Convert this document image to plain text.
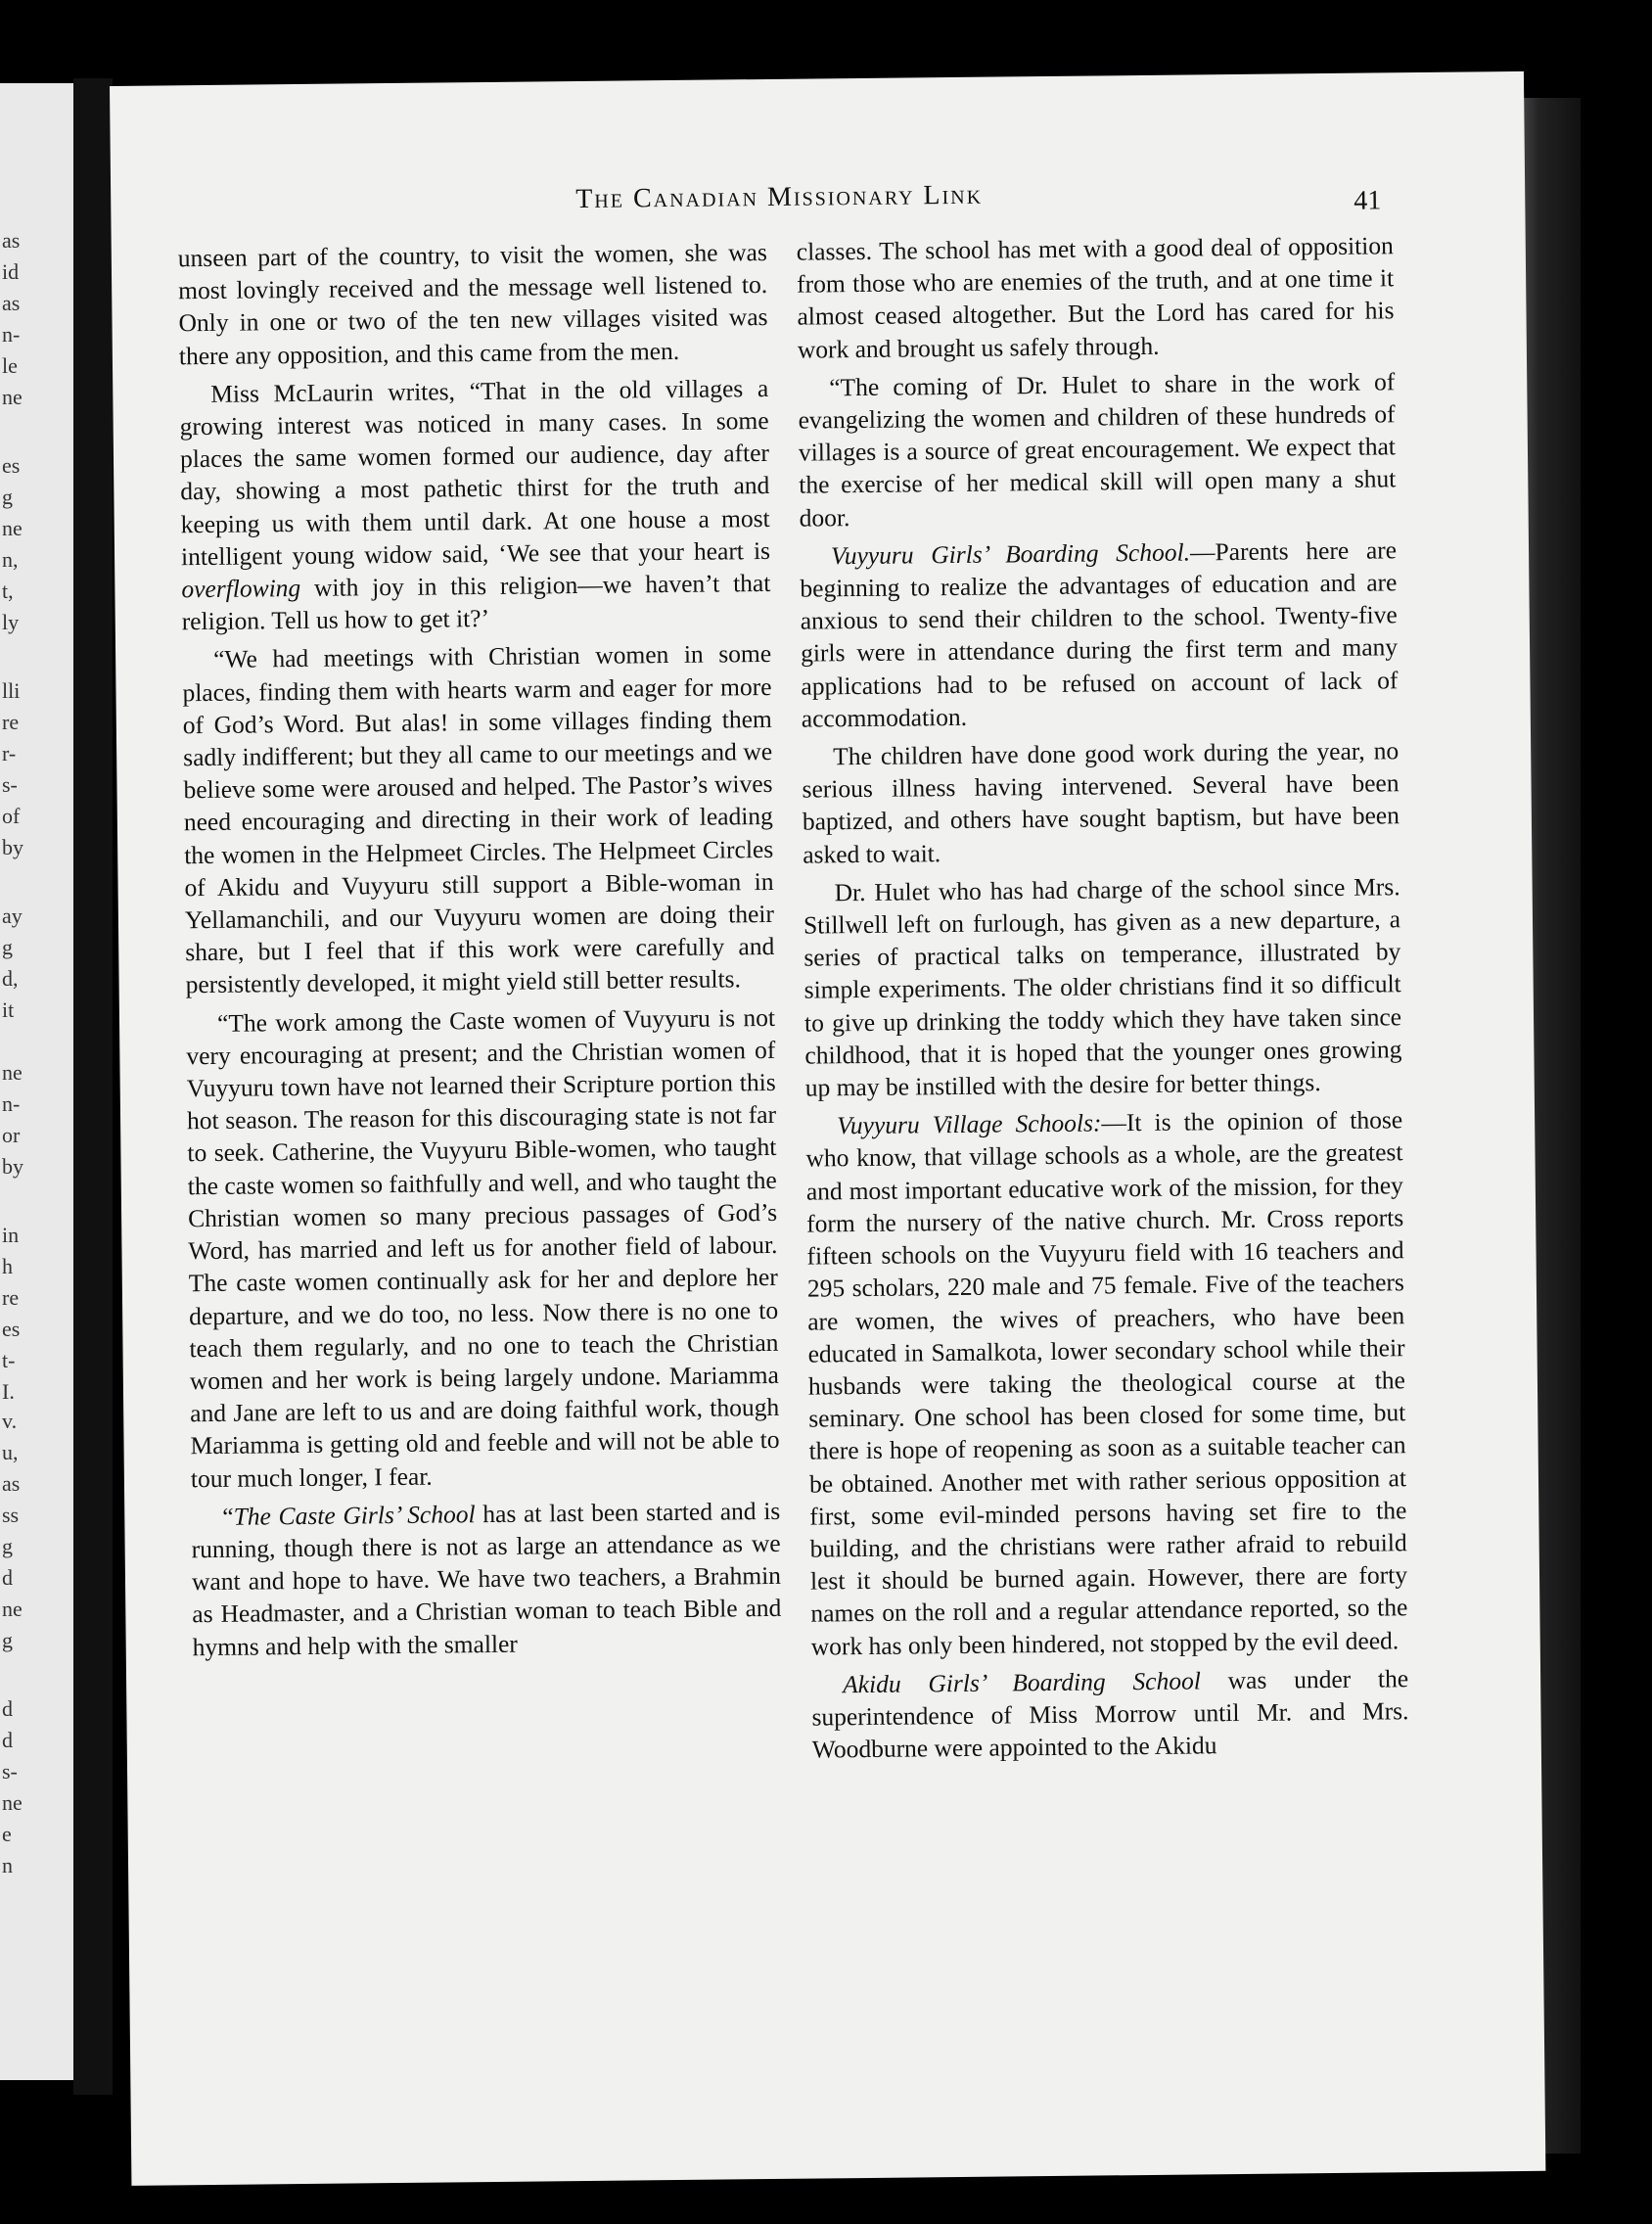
as
id
as
n-
le
ne
es
g
ne
n,
t,
ly
lli
re
r-
s-
of
by
ay
g
d,
it
ne
n-
or
by
in
h
re
es
t-
I.
v.
u,
as
ss
g
d
ne
g
d
d
s-
ne
e
n
The Canadian Missionary Link	41

unseen part of the country, to visit the women, she was most lovingly received and the message well listened to. Only in one or two of the ten new villages visited was there any opposition, and this came from the men.

Miss McLaurin writes, “That in the old villages a growing interest was noticed in many cases. In some places the same women formed our audience, day after day, showing a most pathetic thirst for the truth and keeping us with them until dark. At one house a most intelligent young widow said, ‘We see that your heart is overflowing with joy in this religion—we haven’t that religion. Tell us how to get it?’

“We had meetings with Christian women in some places, finding them with hearts warm and eager for more of God’s Word. But alas! in some villages finding them sadly indifferent; but they all came to our meetings and we believe some were aroused and helped. The Pastor’s wives need encouraging and directing in their work of leading the women in the Helpmeet Circles. The Helpmeet Circles of Akidu and Vuyyuru still support a Bible-woman in Yellamanchili, and our Vuyyuru women are doing their share, but I feel that if this work were carefully and persistently developed, it might yield still better results.

“The work among the Caste women of Vuyyuru is not very encouraging at present; and the Christian women of Vuyyuru town have not learned their Scripture portion this hot season. The reason for this discouraging state is not far to seek. Catherine, the Vuyyuru Bible-women, who taught the caste women so faithfully and well, and who taught the Christian women so many precious passages of God’s Word, has married and left us for another field of labour. The caste women continually ask for her and deplore her departure, and we do too, no less. Now there is no one to teach them regularly, and no one to teach the Christian women and her work is being largely undone. Mariamma and Jane are left to us and are doing faithful work, though Mariamma is getting old and feeble and will not be able to tour much longer, I fear.

“The Caste Girls’ School has at last been started and is running, though there is not as large an attendance as we want and hope to have. We have two teachers, a Brahmin as Headmaster, and a Christian woman to teach Bible and hymns and help with the smaller

classes. The school has met with a good deal of opposition from those who are enemies of the truth, and at one time it almost ceased altogether. But the Lord has cared for his work and brought us safely through.

“The coming of Dr. Hulet to share in the work of evangelizing the women and children of these hundreds of villages is a source of great encouragement. We expect that the exercise of her medical skill will open many a shut door.

Vuyyuru Girls’ Boarding School.—Parents here are beginning to realize the advantages of education and are anxious to send their children to the school. Twenty-five girls were in attendance during the first term and many applications had to be refused on account of lack of accommodation.

The children have done good work during the year, no serious illness having intervened. Several have been baptized, and others have sought baptism, but have been asked to wait.

Dr. Hulet who has had charge of the school since Mrs. Stillwell left on furlough, has given as a new departure, a series of practical talks on temperance, illustrated by simple experiments. The older christians find it so difficult to give up drinking the toddy which they have taken since childhood, that it is hoped that the younger ones growing up may be instilled with the desire for better things.

Vuyyuru Village Schools:—It is the opinion of those who know, that village schools as a whole, are the greatest and most important educative work of the mission, for they form the nursery of the native church. Mr. Cross reports fifteen schools on the Vuyyuru field with 16 teachers and 295 scholars, 220 male and 75 female. Five of the teachers are women, the wives of preachers, who have been educated in Samalkota, lower secondary school while their husbands were taking the theological course at the seminary. One school has been closed for some time, but there is hope of reopening as soon as a suitable teacher can be obtained. Another met with rather serious opposition at first, some evil-minded persons having set fire to the building, and the christians were rather afraid to rebuild lest it should be burned again. However, there are forty names on the roll and a regular attendance reported, so the work has only been hindered, not stopped by the evil deed.

Akidu Girls’ Boarding School was under the superintendence of Miss Morrow until Mr. and Mrs. Woodburne were appointed to the Akidu
